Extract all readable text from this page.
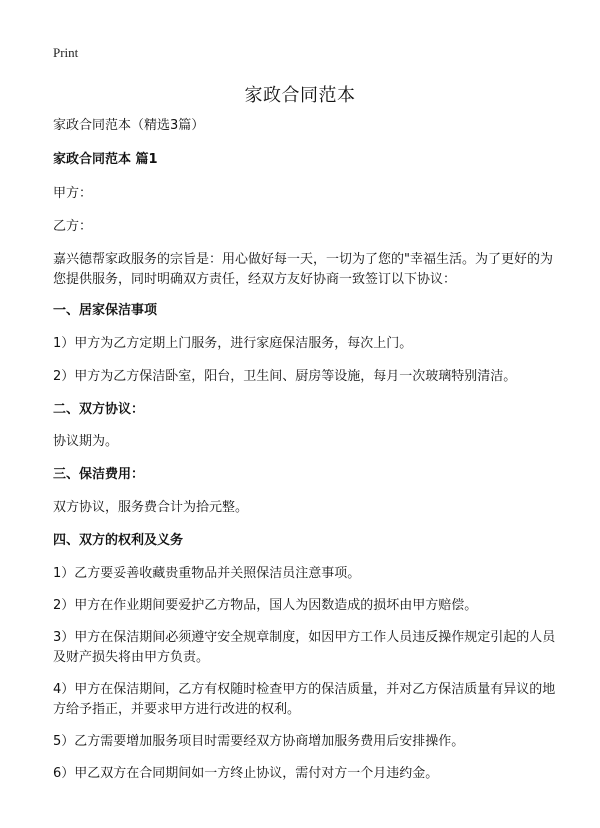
Print
家政合同范本

家政合同范本（精选3篇）

家政合同范本 篇1

甲方：

乙方：

嘉兴德帮家政服务的宗旨是：用心做好每一天，一切为了您的"幸福生活。为了更好的为您提供服务，同时明确双方责任，经双方友好协商一致签订以下协议：

一、居家保洁事项

1）甲方为乙方定期上门服务，进行家庭保洁服务，每次上门。

2）甲方为乙方保洁卧室，阳台，卫生间、厨房等设施，每月一次玻璃特别清洁。

二、双方协议：

协议期为。

三、保洁费用：

双方协议，服务费合计为拾元整。

四、双方的权利及义务

1）乙方要妥善收藏贵重物品并关照保洁员注意事项。

2）甲方在作业期间要爱护乙方物品，国人为因数造成的损坏由甲方赔偿。

3）甲方在保洁期间必须遵守安全规章制度，如因甲方工作人员违反操作规定引起的人员及财产损失将由甲方负责。

4）甲方在保洁期间，乙方有权随时检查甲方的保洁质量，并对乙方保洁质量有异议的地方给予指正，并要求甲方进行改进的权利。

5）乙方需要增加服务项目时需要经双方协商增加服务费用后安排操作。

6）甲乙双方在合同期间如一方终止协议，需付对方一个月违约金。
